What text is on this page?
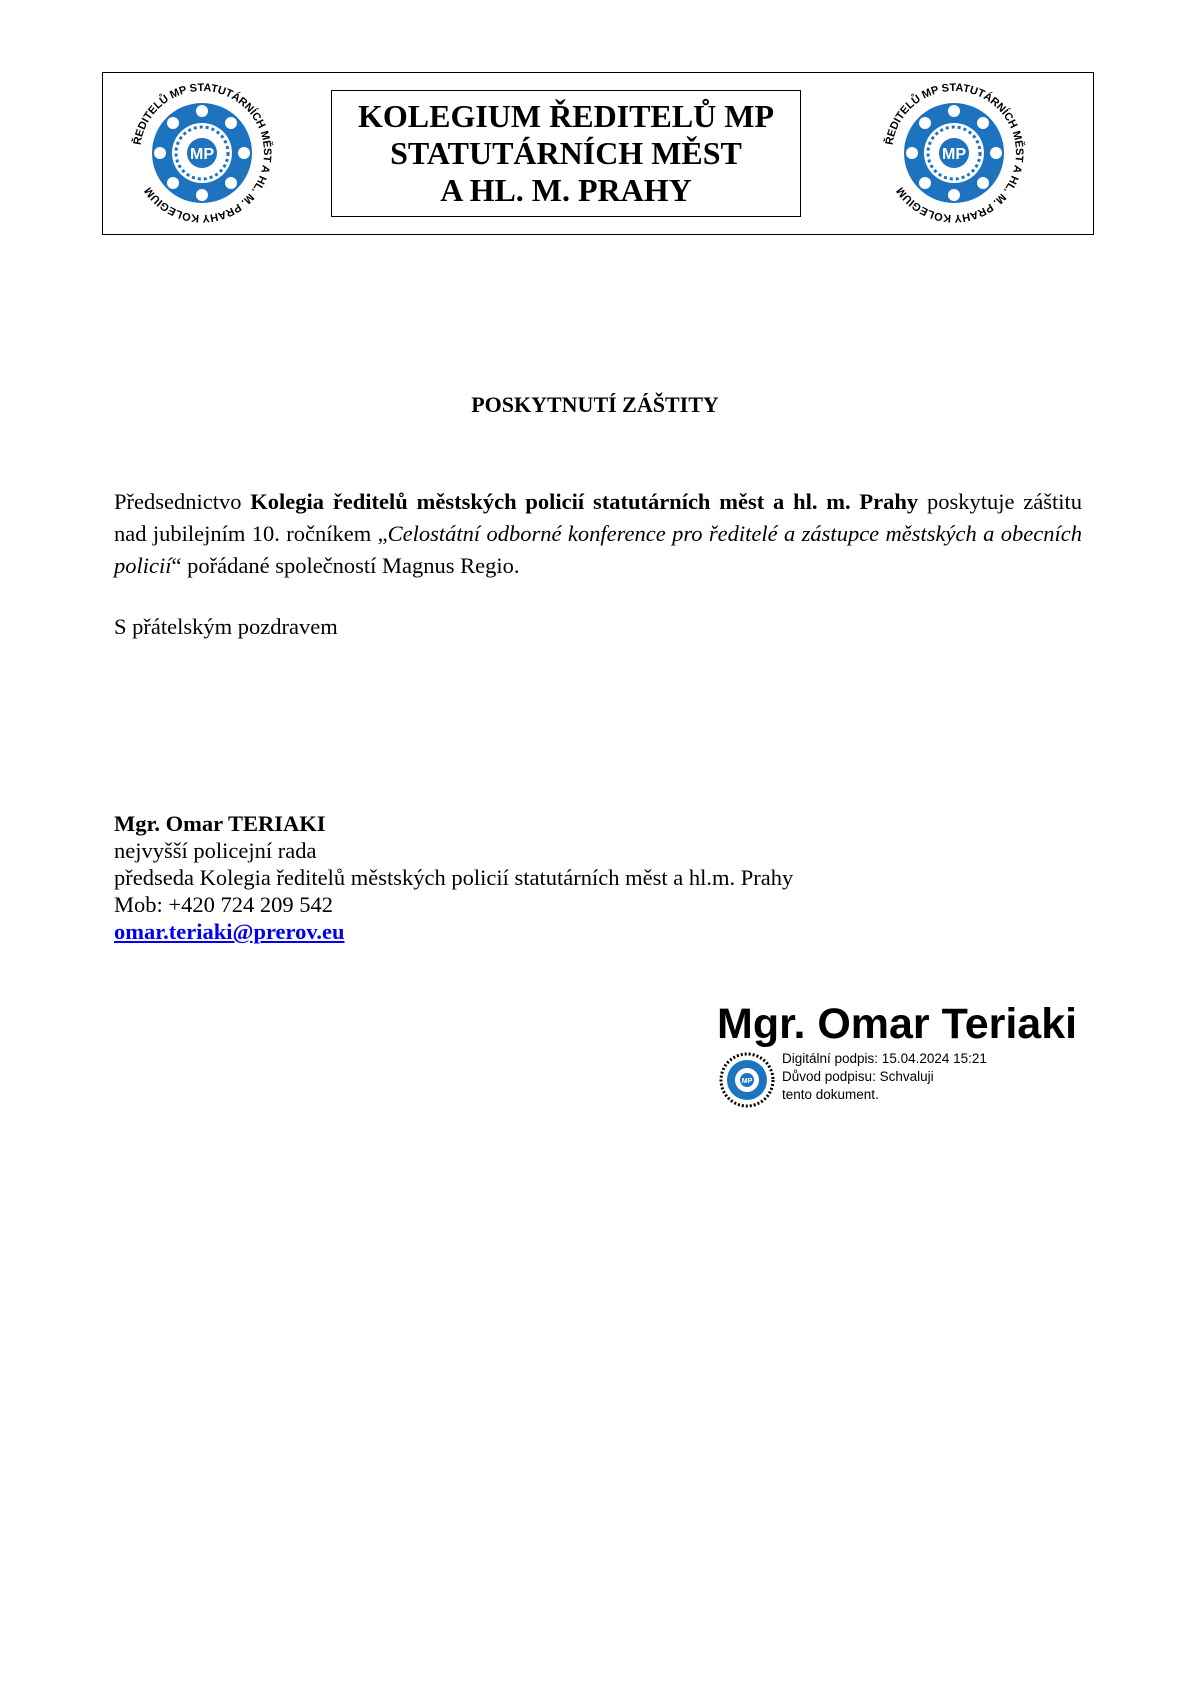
MP
ŘEDITELŮ MP STATUTÁRNÍCH MĚST A HL. M. PRAHY KOLEGIUM
KOLEGIUM ŘEDITELŮ MP
STATUTÁRNÍCH MĚST
A HL. M. PRAHY
MP
ŘEDITELŮ MP STATUTÁRNÍCH MĚST A HL. M. PRAHY KOLEGIUM
POSKYTNUTÍ ZÁŠTITY
Předsednictvo Kolegia ředitelů městských policií statutárních měst a hl. m. Prahy poskytuje záštitu nad jubilejním 10. ročníkem „Celostátní odborné konference pro ředitelé a zástupce městských a obecních policií“ pořádané společností Magnus Regio.
S přátelským pozdravem
Mgr. Omar TERIAKI
nejvyšší policejní rada
předseda Kolegia ředitelů městských policií statutárních měst a hl.m. Prahy
Mob: +420 724 209 542
omar.teriaki@prerov.eu
Mgr. Omar Teriaki
MP
Digitální podpis: 15.04.2024 15:21
Důvod podpisu: Schvaluji
tento dokument.
